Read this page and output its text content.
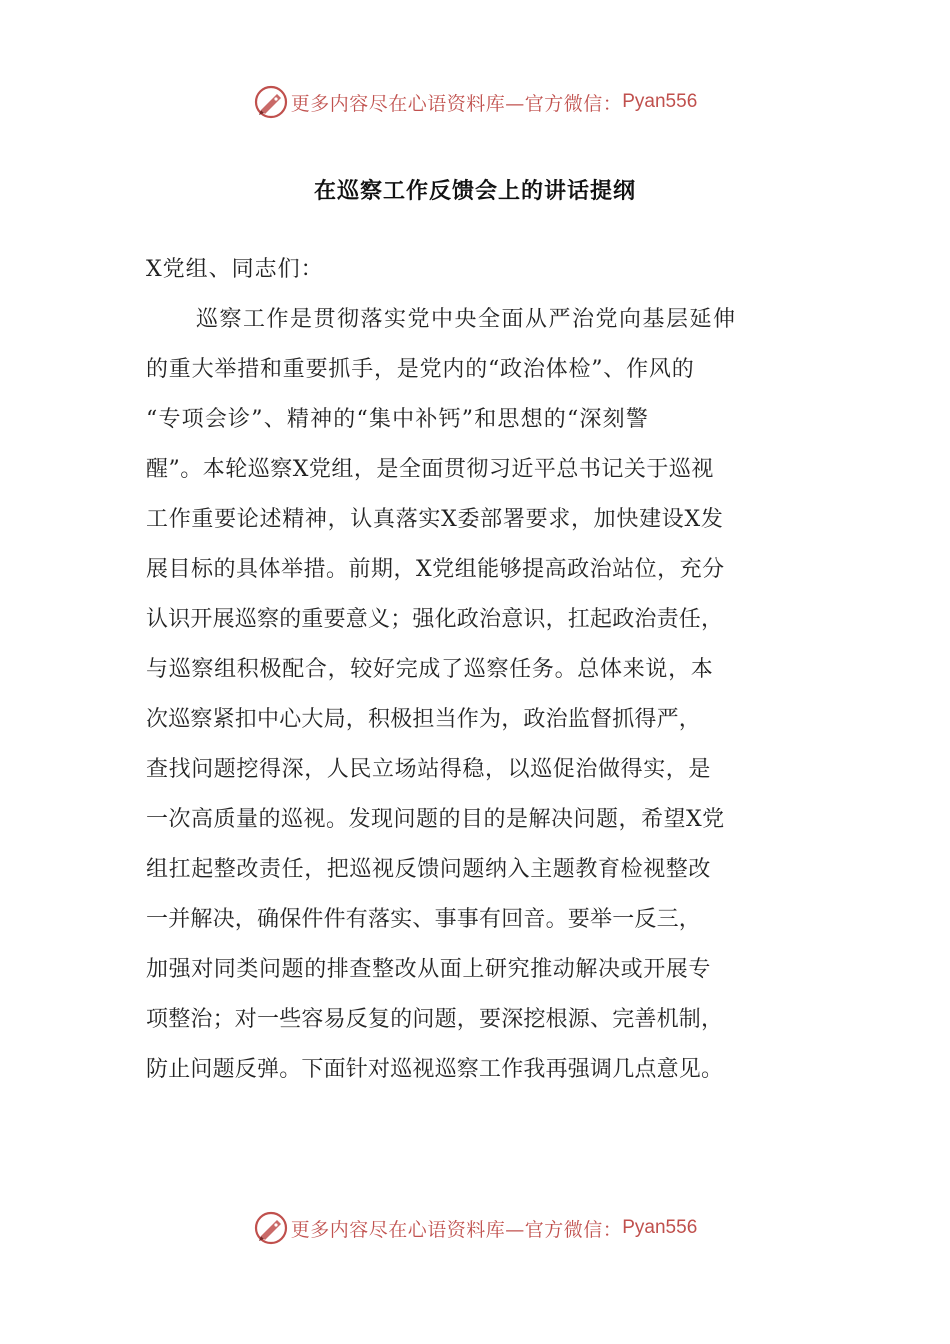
更多内容尽在心语资料库—官方微信： Pyan556
在巡察工作反馈会上的讲话提纲
X党组、同志们：
巡察工作是贯彻落实党中央全面从严治党向基层延伸
的重大举措和重要抓手，是党内的“政治体检”、作风的
“专项会诊”、精神的“集中补钙”和思想的“深刻警
醒”。本轮巡察X党组，是全面贯彻习近平总书记关于巡视
工作重要论述精神，认真落实X委部署要求，加快建设X发
展目标的具体举措。前期，X党组能够提高政治站位，充分
认识开展巡察的重要意义；强化政治意识，扛起政治责任，
与巡察组积极配合，较好完成了巡察任务。总体来说，本
次巡察紧扣中心大局，积极担当作为，政治监督抓得严，
查找问题挖得深，人民立场站得稳，以巡促治做得实，是
一次高质量的巡视。发现问题的目的是解决问题，希望X党
组扛起整改责任，把巡视反馈问题纳入主题教育检视整改
一并解决，确保件件有落实、事事有回音。要举一反三，
加强对同类问题的排查整改从面上研究推动解决或开展专
项整治；对一些容易反复的问题，要深挖根源、完善机制，
防止问题反弹。下面针对巡视巡察工作我再强调几点意见。
更多内容尽在心语资料库—官方微信： Pyan556
